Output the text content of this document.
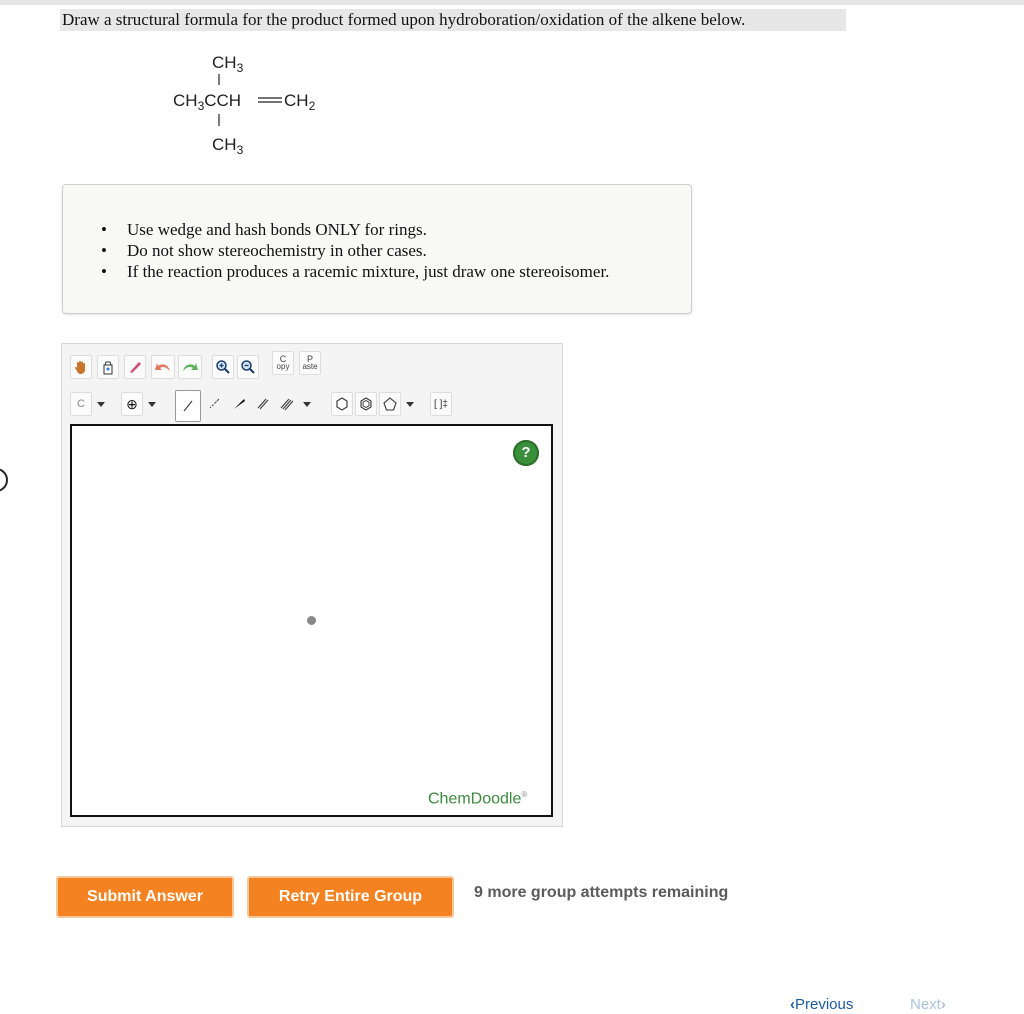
Draw a structural formula for the product formed upon hydroboration/oxidation of the alkene below.
$CH_3$
$CH_3CCH$	$CH_2$
$CH_3$
• Use wedge and hash bonds ONLY for rings.
• Do not show stereochemistry in other cases.
• If the reaction produces a racemic mixture, just draw one stereoisomer.
C
opy
P
aste
C	⊕	[ ]‡
?
ChemDoodle®
Submit Answer	Retry Entire Group	9 more group attempts remaining
‹Previous	Next›
